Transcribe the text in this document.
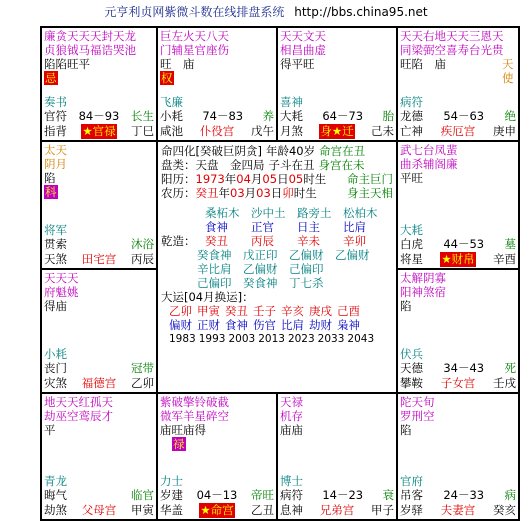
元亨利贞网紫微斗数在线排盘系统 http://bbs.china95.net
廉贪天天天封天龙
贞狼钺马福诰哭池
陷陷旺平
忌
奏书
官符 84－93 长生
指背 ★官禄 丁巳
巨左火天八天
门辅星官座伤
旺　庙
权
飞廉
小耗 74－83 养
咸池 仆役宫 戊午
天天文天
相昌曲虚
得平旺
喜神
大耗 64－73 胎
月煞 身★迁 己未
天天右地天天三恩天
同梁弼空喜寿台光贵
旺陷　庙	天使
病符
龙德 54－63 绝
亡神 疾厄宫 庚申
太天
阴月
陷
科
将军
贯索	沐浴
天煞 田宅宫 丙辰
武七台凤蜚
曲杀辅阁廉
平旺
大耗
白虎 44－53 墓
将星 ★财帛 辛酉
天天天
府魁姚
得庙
小耗
丧门	冠带
灾煞 福德宫 乙卯
太解阴寡
阳神煞宿
陷
伏兵
天德 34－43 死
攀鞍 子女宫 壬戌
地天天红孤天
劫巫空鸾辰才
平
青龙
晦气	临官
劫煞 父母宫 甲寅
紫破擎铃破截
微军羊星碎空
庙旺庙得
禄
力士
岁建 04－13 帝旺
华盖 ★命宫 乙丑
天禄
机存
庙庙
博士
病符 14－23 衰
息神 兄弟宫 甲子
陀天旬
罗刑空
陷
官府
吊客 24－33 病
岁驿 夫妻宫 癸亥
命四化[癸破巨阴贪] 年龄40岁 命宫在丑
盘类：天盘　金四局 子斗在丑 身宫在未
阳历：1973年04月05日05时生 命主巨门
农历：癸丑年03月03日卯时生	身主天相
桑柘木 沙中土 路旁土 松柏木
食神 正官 日主 比肩
乾造： 癸丑	丙辰	辛未	辛卯
癸食神 戊正印 乙偏财 乙偏财
辛比肩 乙偏财 己偏印
己偏印 癸食神 丁七杀
大运[04月换运]：
乙卯 甲寅 癸丑 壬子 辛亥 庚戌 己酉
偏财 正财 食神 伤官 比肩 劫财 枭神
1983 1993 2003 2013 2023 2033 2043
